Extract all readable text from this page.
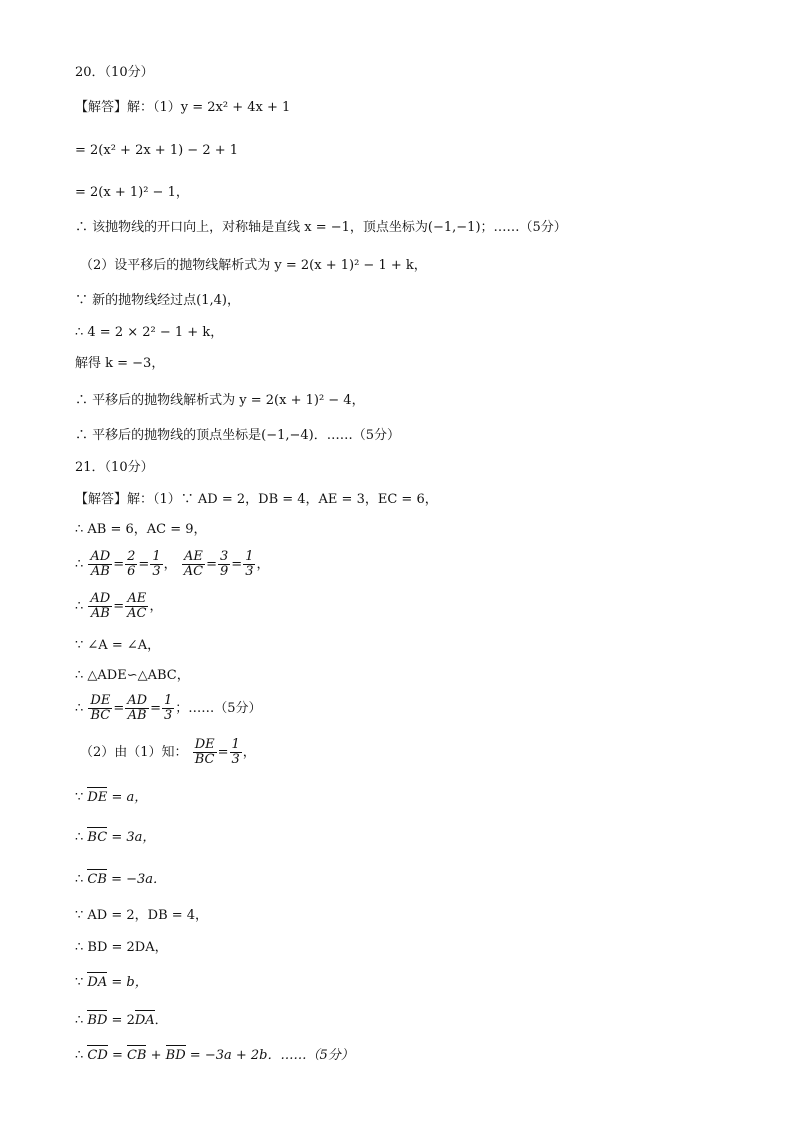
20．（10分）
【解答】解：（1）y = 2x² + 4x + 1
= 2(x² + 2x + 1) − 2 + 1
= 2(x + 1)² − 1，
∴ 该抛物线的开口向上，对称轴是直线 x = −1，顶点坐标为(−1,−1)；……（5分）
（2）设平移后的抛物线解析式为 y = 2(x + 1)² − 1 + k，
∵ 新的抛物线经过点(1,4)，
∴ 4 = 2 × 2² − 1 + k，
解得 k = −3，
∴ 平移后的抛物线解析式为 y = 2(x + 1)² − 4，
∴ 平移后的抛物线的顶点坐标是(−1,−4)．……（5分）
21．（10分）
【解答】解：（1）∵ AD = 2，DB = 4，AE = 3，EC = 6，
∴ AB = 6，AC = 9，
∴ $\frac{AD}{AB} = \frac{2}{6} = \frac{1}{3}$ ， $\frac{AE}{AC} = \frac{3}{9} = \frac{1}{3}$ ，
∴ $\frac{AD}{AB} = \frac{AE}{AC}$ ，
∵ ∠A = ∠A，
∴ △ADE∽△ABC，
∴ $\frac{DE}{BC} = \frac{AD}{AB} = \frac{1}{3}$ ；……（5分）
（2）由（1）知： $\frac{DE}{BC} = \frac{1}{3}$ ，
∵ DE = a，
∴ BC = 3a，
∴ CB = −3a．
∵ AD = 2，DB = 4，
∴ BD = 2DA，
∵ DA = b，
∴ BD = 2DA．
∴ CD = CB + BD = −3a + 2b．……（5分）
